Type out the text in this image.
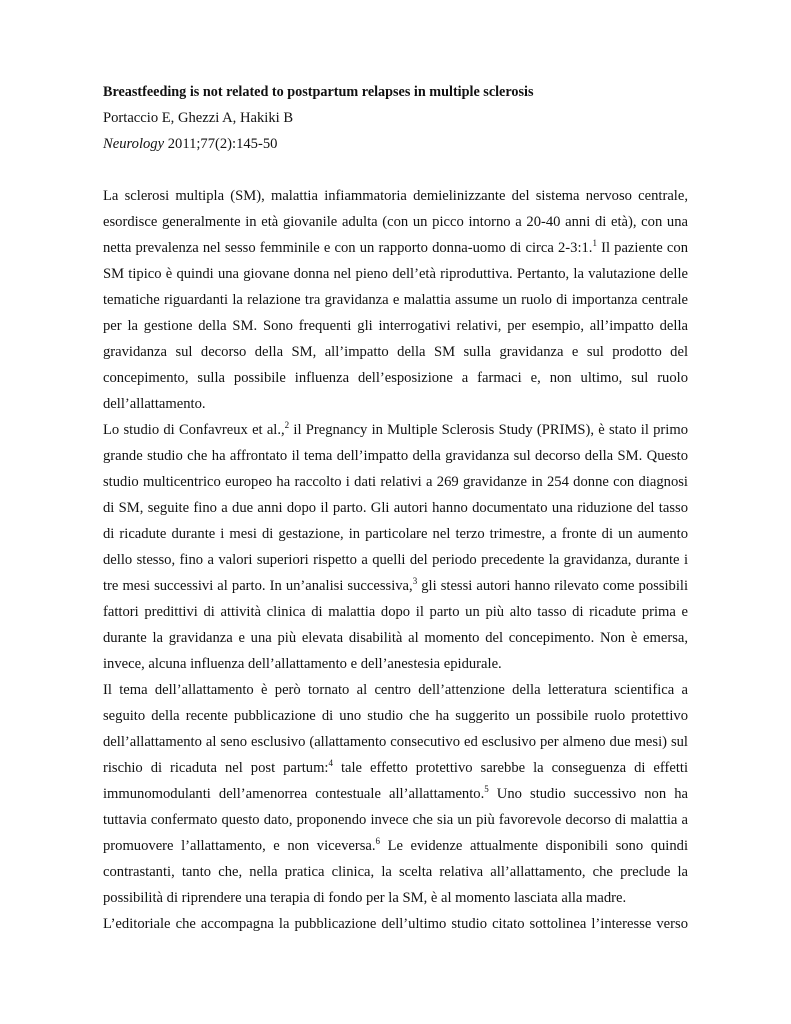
Breastfeeding is not related to postpartum relapses in multiple sclerosis
Portaccio E, Ghezzi A, Hakiki B
Neurology 2011;77(2):145-50
La sclerosi multipla (SM), malattia infiammatoria demielinizzante del sistema nervoso centrale,
esordisce generalmente in età giovanile adulta (con un picco intorno a 20-40 anni di età), con una
netta prevalenza nel sesso femminile e con un rapporto donna-uomo di circa 2-3:1.$^1$ Il paziente con
SM tipico è quindi una giovane donna nel pieno dell’età riproduttiva. Pertanto, la valutazione delle
tematiche riguardanti la relazione tra gravidanza e malattia assume un ruolo di importanza centrale
per la gestione della SM. Sono frequenti gli interrogativi relativi, per esempio, all’impatto della
gravidanza sul decorso della SM, all’impatto della SM sulla gravidanza e sul prodotto del
concepimento, sulla possibile influenza dell’esposizione a farmaci e, non ultimo, sul ruolo
dell’allattamento.
Lo studio di Confavreux et al.,$^2$ il Pregnancy in Multiple Sclerosis Study (PRIMS), è stato il primo
grande studio che ha affrontato il tema dell’impatto della gravidanza sul decorso della SM. Questo
studio multicentrico europeo ha raccolto i dati relativi a 269 gravidanze in 254 donne con diagnosi
di SM, seguite fino a due anni dopo il parto. Gli autori hanno documentato una riduzione del tasso
di ricadute durante i mesi di gestazione, in particolare nel terzo trimestre, a fronte di un aumento
dello stesso, fino a valori superiori rispetto a quelli del periodo precedente la gravidanza, durante i
tre mesi successivi al parto. In un’analisi successiva,$^3$ gli stessi autori hanno rilevato come possibili
fattori predittivi di attività clinica di malattia dopo il parto un più alto tasso di ricadute prima e
durante la gravidanza e una più elevata disabilità al momento del concepimento. Non è emersa,
invece, alcuna influenza dell’allattamento e dell’anestesia epidurale.
Il tema dell’allattamento è però tornato al centro dell’attenzione della letteratura scientifica a
seguito della recente pubblicazione di uno studio che ha suggerito un possibile ruolo protettivo
dell’allattamento al seno esclusivo (allattamento consecutivo ed esclusivo per almeno due mesi) sul
rischio di ricaduta nel post partum:$^4$ tale effetto protettivo sarebbe la conseguenza di effetti
immunomodulanti dell’amenorrea contestuale all’allattamento.$^5$ Uno studio successivo non ha
tuttavia confermato questo dato, proponendo invece che sia un più favorevole decorso di malattia a
promuovere l’allattamento, e non viceversa.$^6$ Le evidenze attualmente disponibili sono quindi
contrastanti, tanto che, nella pratica clinica, la scelta relativa all’allattamento, che preclude la
possibilità di riprendere una terapia di fondo per la SM, è al momento lasciata alla madre.
L’editoriale che accompagna la pubblicazione dell’ultimo studio citato sottolinea l’interesse verso
